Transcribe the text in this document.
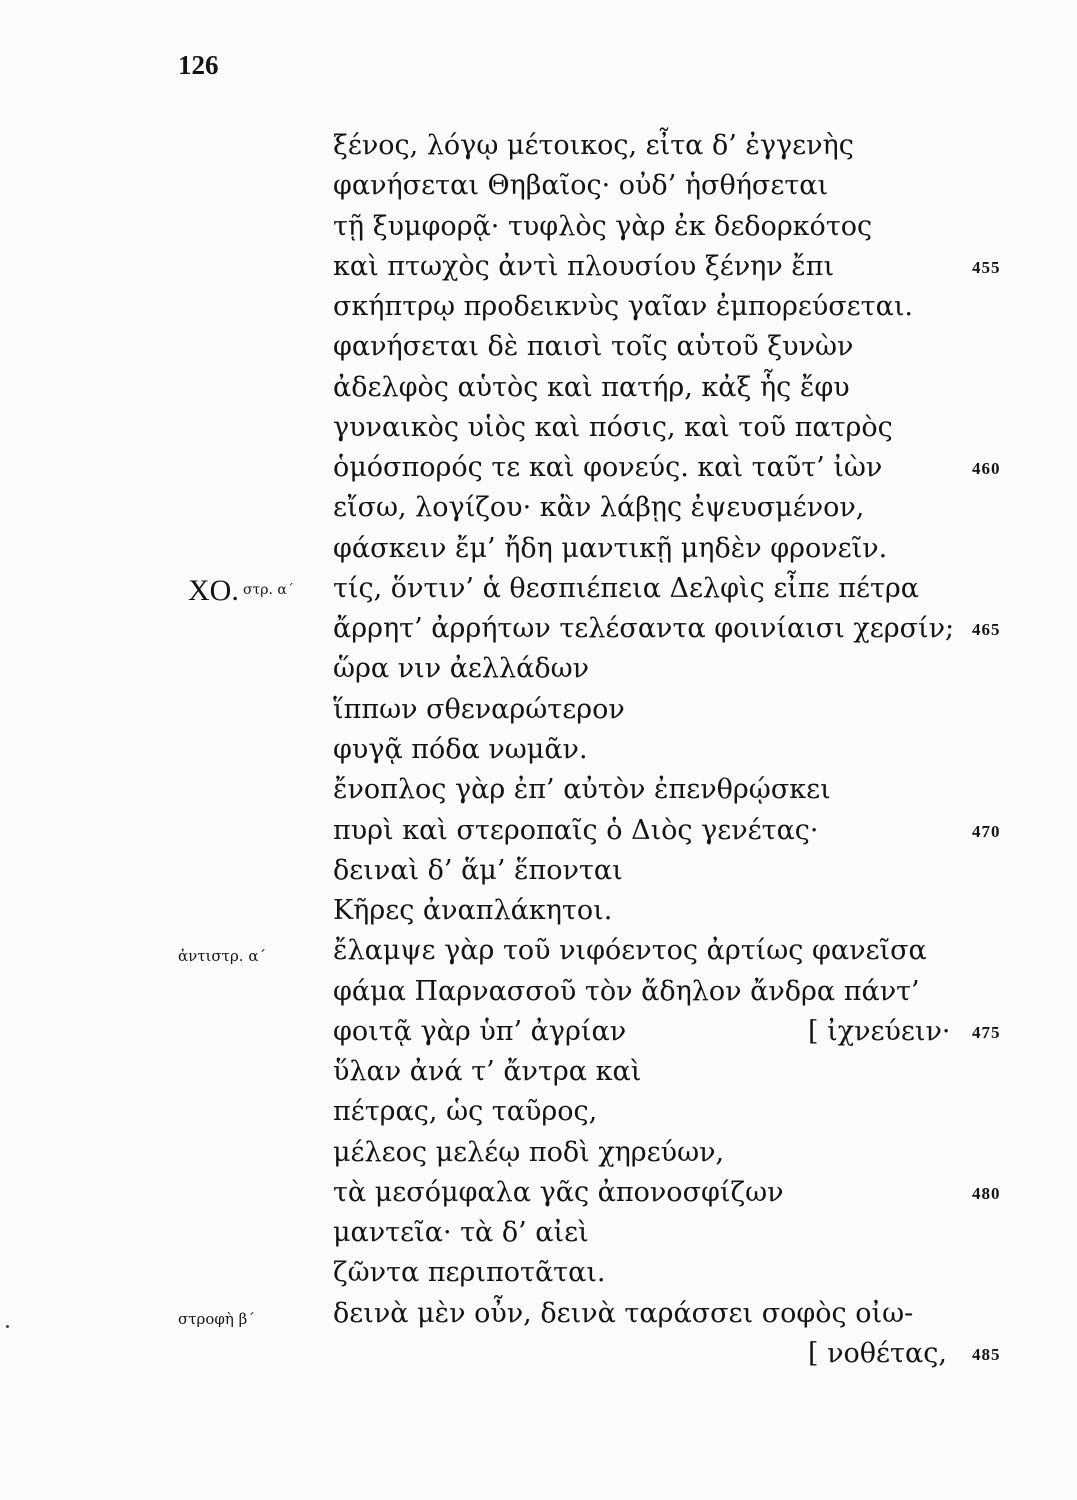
126
ξένος, λόγῳ μέτοικος, εἶτα δ’ ἐγγενὴς
φανήσεται Θηβαῖος· οὐδ’ ἡσθήσεται
τῇ ξυμφορᾷ· τυφλὸς γὰρ ἐκ δεδορκότος
καὶ πτωχὸς ἀντὶ πλουσίου ξένην ἔπι	455
σκήπτρῳ προδεικνὺς γαῖαν ἐμπορεύσεται.
φανήσεται δὲ παισὶ τοῖς αὑτοῦ ξυνὼν
ἀδελφὸς αὑτὸς καὶ πατήρ, κἀξ ἧς ἔφυ
γυναικὸς υἱὸς καὶ πόσις, καὶ τοῦ πατρὸς
ὁμόσπορός τε καὶ φονεύς. καὶ ταῦτ’ ἰὼν	460
εἴσω, λογίζου· κἂν λάβῃς ἐψευσμένον,
φάσκειν ἔμ’ ἤδη μαντικῇ μηδὲν φρονεῖν.
τίς, ὅντιν’ ἁ θεσπιέπεια Δελφὶς εἶπε πέτρα
ΧΟ. στρ. α΄
ἄρρητ’ ἀρρήτων τελέσαντα φοινίαισι χερσίν; 465
ὥρα νιν ἀελλάδων
ἵππων σθεναρώτερον
φυγᾷ πόδα νωμᾶν.
ἔνοπλος γὰρ ἐπ’ αὐτὸν ἐπενθρῴσκει
πυρὶ καὶ στεροπαῖς ὁ Διὸς γενέτας·	470
δειναὶ δ’ ἅμ’ ἕπονται
Κῆρες ἀναπλάκητοι.
ἔλαμψε γὰρ τοῦ νιφόεντος ἀρτίως φανεῖσα
ἀντιστρ. α΄
φάμα Παρνασσοῦ τὸν ἄδηλον ἄνδρα πάντ’
φοιτᾷ γὰρ ὑπ’ ἀγρίαν	[ ἰχνεύειν· 475
ὕλαν ἀνά τ’ ἄντρα καὶ
πέτρας, ὡς ταῦρος,
μέλεος μελέῳ ποδὶ χηρεύων,
τὰ μεσόμφαλα γᾶς ἀπονοσφίζων	480
μαντεῖα· τὰ δ’ αἰεὶ
ζῶντα περιποτᾶται.
δεινὰ μὲν οὖν, δεινὰ ταράσσει σοφὸς οἰω-
στροφὴ β΄
[ νοθέτας, 485
